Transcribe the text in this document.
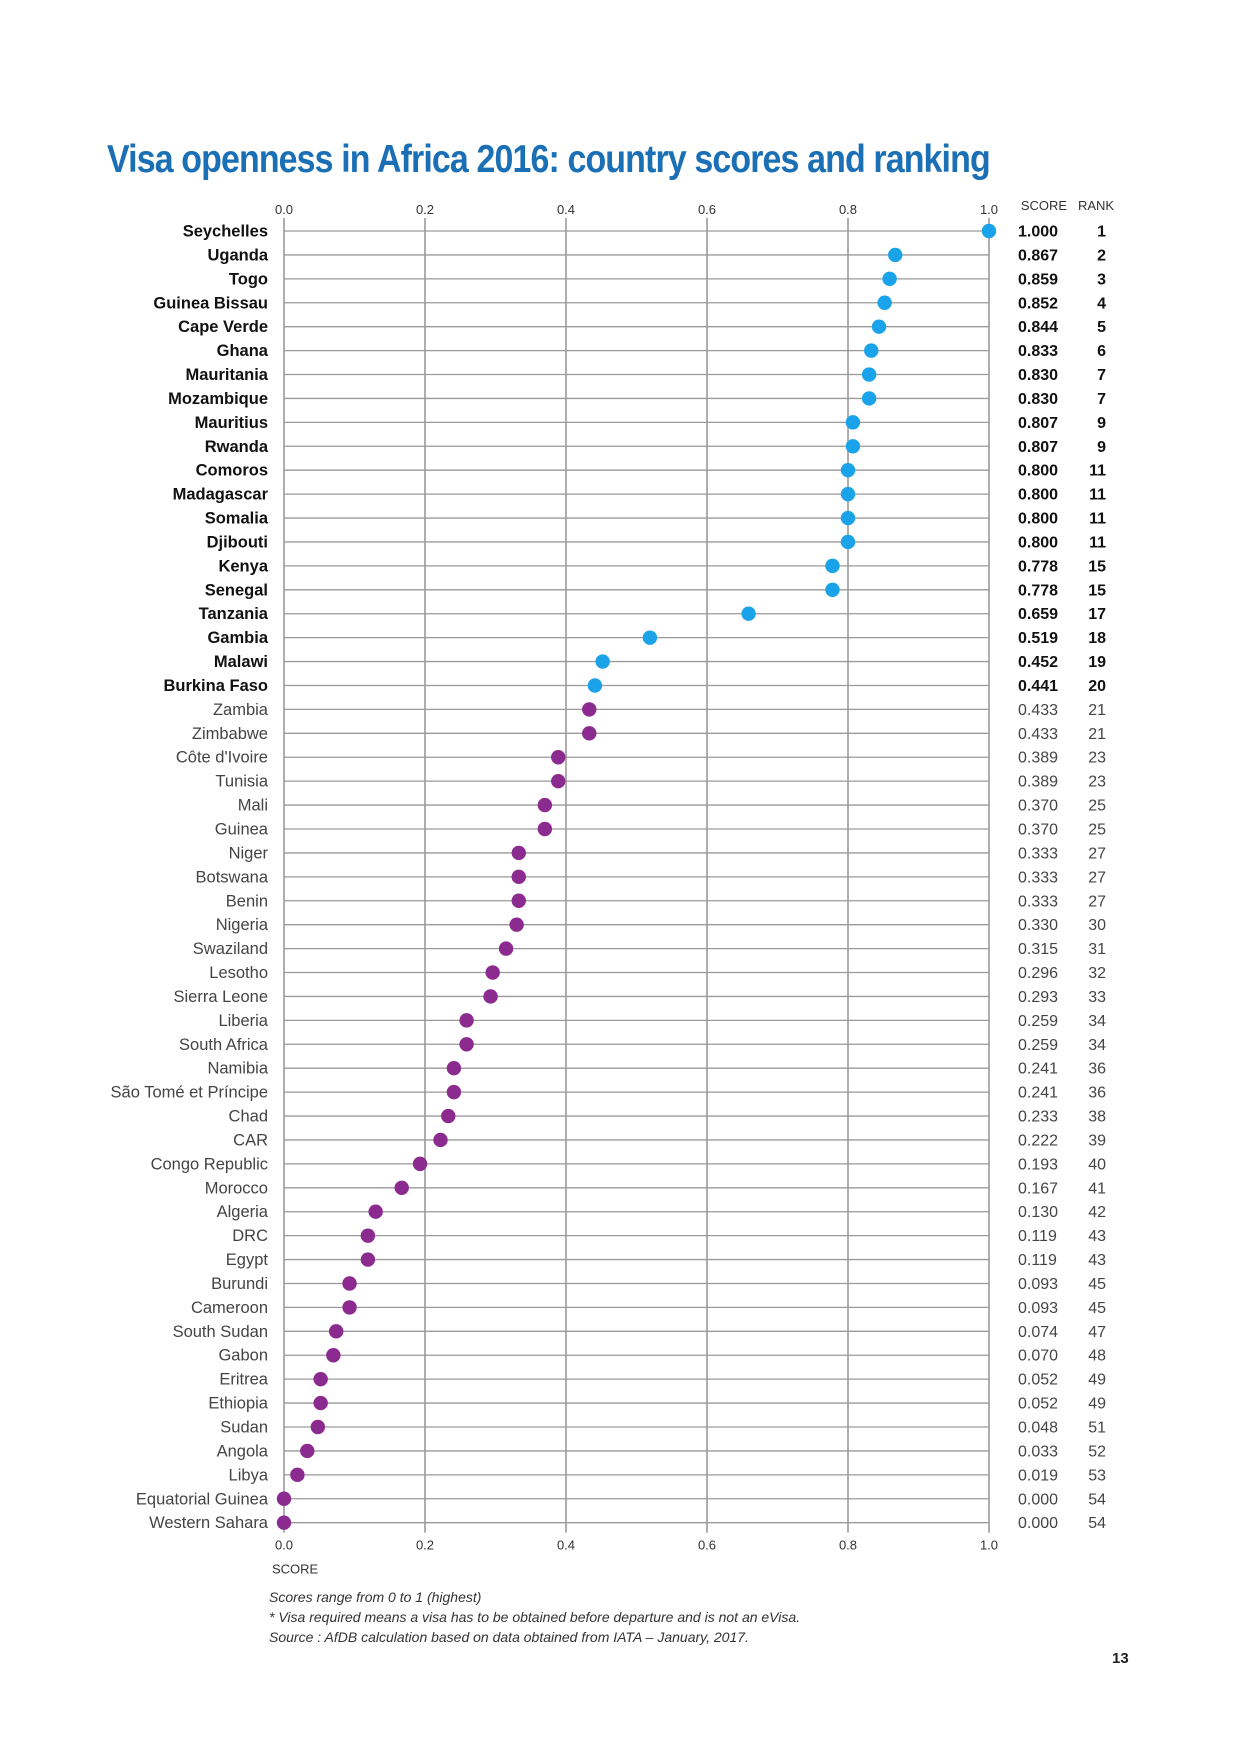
Visa openness in Africa 2016: country scores and ranking
0.0
0.0
0.2
0.2
0.4
0.4
0.6
0.6
0.8
0.8
1.0
1.0
SCORE
SCORE RANK
Seychelles	1.000 1
Uganda	0.867 2
Togo	0.859 3
Guinea Bissau	0.852 4
Cape Verde	0.844 5
Ghana	0.833 6
Mauritania	0.830 7
Mozambique	0.830 7
Mauritius	0.807 9
Rwanda	0.807 9
Comoros	0.800 11
Madagascar	0.800 11
Somalia	0.800 11
Djibouti	0.800 11
Kenya	0.778 15
Senegal	0.778 15
Tanzania	0.659 17
Gambia	0.519 18
Malawi	0.452 19
Burkina Faso	0.441 20
Zambia	0.433 21
Zimbabwe	0.433 21
Côte d'Ivoire	0.389 23
Tunisia	0.389 23
Mali	0.370 25
Guinea	0.370 25
Niger	0.333 27
Botswana	0.333 27
Benin	0.333 27
Nigeria	0.330 30
Swaziland	0.315 31
Lesotho	0.296 32
Sierra Leone	0.293 33
Liberia	0.259 34
South Africa	0.259 34
Namibia	0.241 36
São Tomé et Príncipe	0.241 36
Chad	0.233 38
CAR	0.222 39
Congo Republic	0.193 40
Morocco	0.167 41
Algeria	0.130 42
DRC	0.119 43
Egypt	0.119 43
Burundi	0.093 45
Cameroon	0.093 45
South Sudan	0.074 47
Gabon	0.070 48
Eritrea	0.052 49
Ethiopia	0.052 49
Sudan	0.048 51
Angola	0.033 52
Libya	0.019 53
Equatorial Guinea	0.000 54
Western Sahara	0.000 54
Scores range from 0 to 1 (highest)
* Visa required means a visa has to be obtained before departure and is not an eVisa.
Source : AfDB calculation based on data obtained from IATA – January, 2017.
13
